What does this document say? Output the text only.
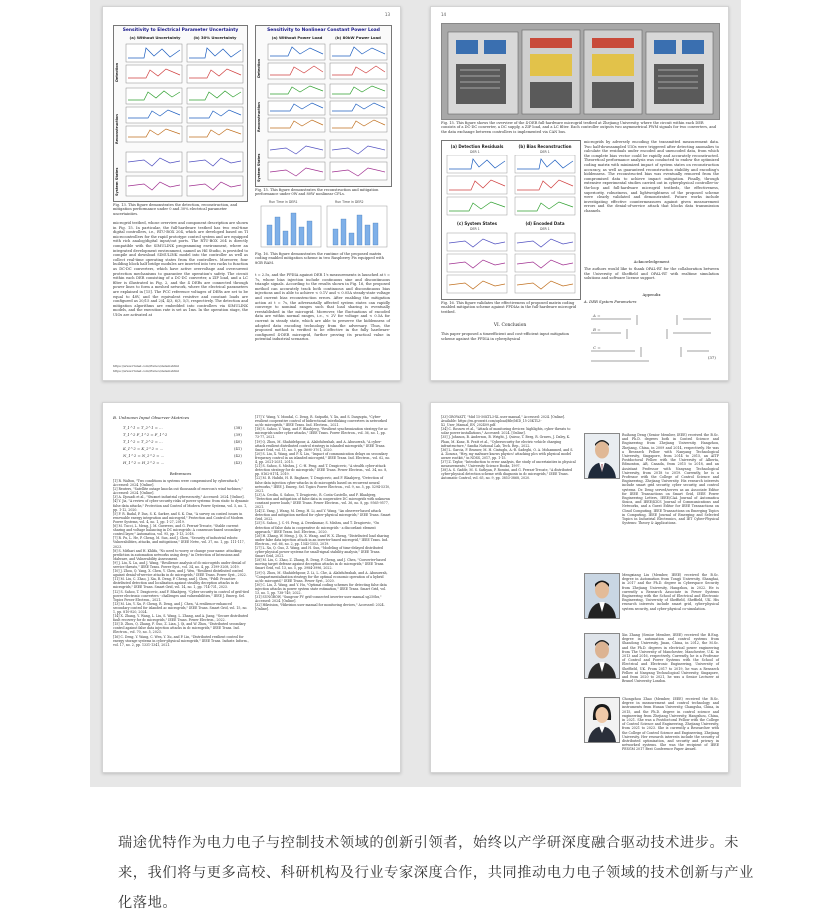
13
Sensitivity to Electrical Parameter Uncertainty
(a) Without Uncertainty	(b) 30% Uncertainty
Detection
Reconstruction
System States
Fig. 13. This figure demonstrates the detection, reconstruction, and mitigation performance under 0 and 30% electrical parameter uncertainties.
Sensitivity to Nonlinear Constant Power Load
(a) Without Power Load	(b) 80kW Power Load
Detection
Reconstruction
System States
Fig. 15. This figure demonstrates the reconstruction and mitigation performance under 0W and 80W nonlinear CPLs.
Run Time in DER1	Run Time in DER2
Fig. 16. This figure demonstrates the runtime of the proposed matrix coding enabled mitigation scheme in two Raspberry Pis equipped with 8GB RAM.
microgrid testbed, whose overview and component description are shown in Fig. 15. In particular, the full-hardware testbed has two real-time digital controllers, i.e., RTU-BOX 204, which are developed based on TI microcontrollers for the rapid prototype control system and are equipped with rich analog/digital input/out ports. The RTU-BOX 204 is directly compatible with the SIMULINK programming environment, where an integrated development environment, named as Hil Studio, is provided to compile and download SIMULINK model into the controller as well as collect real-time operating states from the controllers. Moreover, four building block half bridge modules are inserted into two racks to function as DC-DC converters, which have active overvoltage and overcurrent protection mechanisms to guarantee the operation's safety. The circuit within each DER consisting of a DC-DC converter, a ZIP load, and a LC filter is illustrated in Fig. 2, and the 4 DERs are connected through power lines to form a meshed network, where the electrical parameters are explained in [15]. The PCC reference voltages of DERs are set to be equal to 48V, and the equivalent resistive and constant loads are configured as 20/15 and 2/4, 4/3, 6/3, 5/3, respectively. The detection and mitigation algorithms are embedded into controllers via SIMULINK models, and the execution rate is set as 1ms. In the operation stage, the UIOs are activated at
t = 2.5s, and the FPDIA against DER 1's measurements is launched at t = 7s, whose bias injection include continuous sine and discontinuous triangle signals. According to the results shown in Fig. 16, the proposed method can accurately track both continuous and discontinuous bias injections and is able to achieve < 0.1V and < 0.05A steady-state voltage and current bias reconstruction errors. After enabling the mitigation action at t = 7s, the adversarially affected system states can rapidly converge to nominal ranges such that load sharing is eventually reestablished in the microgrid. Moreover, the fluctuations of encoded data are within normal ranges, i.e., < 2V for voltage and < 0.5A for current in steady state, which are able to preserve the hiddenness of adopted data encoding technology from the adversary. Thus, the proposed method is verified to be effective in the fully hardware-configured 4-DER microgrid, further proving its practical value in potential industrial scenarios.
https://www.rtunet.com/rtubox/detail.shtml
https://www.rtunet.com/rtubox/detail.shtml
14
Fig. 15. This figure shows the overview of the 4-DER full-hardware microgrid testbed at Zhejiang University, where the circuit within each DER consists of a DC-DC converter, a DC supply, a ZIP load, and a LC filter. Each controller outputs two asymmetrical PWM signals for two converters, and the data exchange between controllers is implemented via CAN bus.
(a) Detection Residuals	(b) Bias Reconstruction
DER 1	DER 1
(c) System States	(d) Encoded Data
DER 1	DER 1
Fig. 16. This figure validates the effectiveness of proposed matrix coding enabled mitigation scheme against FPDIAs in the full-hardware microgrid testbed.
VI. Conclusion
This paper proposed a timeefficient and cost-efficient input mitigation scheme against the FPDIA in cyberphysical
microgrids by adversely encoding the transmitted measurement data. Two half-downsampled UIOs were triggered after detecting anomalies to calculate the residuals under encoded and unencoded data, from which the complete bias vector could be rapidly and accurately reconstructed. Theoretical performance analysis was conducted to endow the optimized coding matrix with minimized impact of system states on reconstruction accuracy, as well as guaranteed reconstruction stability and encoding's hiddenness. The reconstructed bias was eventually removed from the compromised data to achieve impact mitigation. Finally, through extensive experimental studies carried out in cyberphysical controller-in-the-loop and full-hardware microgrid testbeds, the effectiveness, superiority, robustness, and lightweightness of the proposed scheme were clearly validated and demonstrated. Future works include investigating effective countermeasures against given measurement errors and the denial-of-service attack that blocks data transmission channels.
Acknowledgement
The authors would like to thank OPAL-RT for the collaboration between the University of Sheffield and OPAL-RT with realtime simulation solutions and software license support.
Appendix
A. DER System Parameters
A =
B =
C =
(37)
B. Unknown Input Observer Matrices
T_1^1 = T_2^1 = ...
T_1^2 F_1^2 = F_1^2
T_1^2 = T_2^2 = ...
K_1^2 = K_2^2 = ...
N_1^2 = N_2^2 = ...
H_1^2 = H_2^2 = ...
(38)
(39)
(40)
(41)
(42)
(43)
References
[1] R. Walton, "Two conditions in systems were compromised by cyberattack," Accessed: 2024. [Online].
[2] Reuters, "Satellite outage knocks out thousands of enercon's wind turbines," Accessed: 2024. [Online].
[3] A. Djouadi et al., "Stuxnet industrial cybersecurity," Accessed: 2024. [Online].
[4] Y. Jia, "A review of cyber security risks of power systems: from static to dynamic false data attacks," Protection and Control of Modern Power Systems, vol. 5, no. 1, pp. 1-12, 2020.
[5] F. R. Badal, P. Das, S. K. Sarker, and S. K. Das, "A survey on control issues in renewable energy integration and microgrid," Protection and Control of Modern Power Systems, vol. 4, no. 1, pp. 1-27, 2019.
[6] M. Tucci, L. Meng, J. M. Guerrero, and G. Ferrari-Trecate, "Stable current sharing and voltage balancing in DC microgrids: A consensus-based secondary control layer," Automatica, vol. 95, pp. 1-13, 2018.
[7] R. Pu, L. He, P. Cheng, M. Sun, and J. Chen, "Security of industrial robots: Vulnerabilities, attacks, and mitigations," IEEE Netw., vol. 37, no. 1, pp. 111-117, 2023.
[8] S. Mithari and H. Khlifa, "No need to worry or change your name: attacking prediction in automation networks using deep," in Detection of Intrusions and Malware, and Vulnerability Assessment.
[9] J. Liu, X. Lu, and J. Wang, "Resilience analysis of dc microgrids under denial of service threats," IEEE Trans. Power Syst., vol. 34, no. 4, pp. 3199-3208, 2019.
[10] J. Zhou, Q. Yang, X. Chen, Y. Chen, and J. Wen, "Resilient distributed control against denial-of-service attacks in dc microgrids," IEEE Trans. Power Syst., 2022.
[11] M. Liu, C. Zhao, J. Xia, R. Deng, P. Cheng, and J. Chen, "Pddl: Proactive distributed detection and localization against stealthy deception attacks in dc microgrids," IEEE Trans. Smart Grid, vol. 14, no. 1, pp. 714-731, 2023.
[12] S. Sahoo, T. Dragicevic, and F. Blaabjerg, "Cyber security in control of grid-tied power electronic converters - challenges and vulnerabilities," IEEE J. Emerg. Sel. Topics Power Electron., 2021.
[13] M. Liu, Y. Xu, P. Cheng, R. Deng, and J. Chen, "A resilience-enhanced secondary control for islanded ac microgrids," IEEE Trans. Smart Grid, vol. 15, no. 1, pp. 810-820, 2024.
[14] X. Zhang, Y. Wang, L. Liu, S. Wang, L. Zhang, and A. Jiang, "Secure distributed fault recovery for dc microgrids," IEEE Trans. Power Electron., 2022.
[15] D. Zhou, Q. Zhang, F. Guo, Z. Lian, J. Qi, and W. Zhou, "Distributed secondary control against false data injection attacks in dc microgrids," IEEE Trans. Ind. Electron., vol. 70, no. 5, 2023.
[16] C. Deng, Y. Wang, C. Wen, Y. Xu, and P. Lin, "Distributed resilient control for energy storage systems in cyber-physical microgrids," IEEE Trans. Industr. Inform., vol. 17, no. 2, pp. 1331-1341, 2021.
[17] Y. Wang, Y. Mondal, C. Deng, R. Satpathi, Y. Xu, and S. Dasgupta, "Cyber-resilient cooperative control of bidirectional interlinking converters in networked ac/dc microgrids," IEEE Trans. Ind. Electron., 2021.
[18] S. Sahoo, Y. Yang, and F. Blaabjerg, "Resilient synchronization strategy for ac microgrids under cyber attacks," IEEE Trans. Power Electron., vol. 36, no. 1, pp. 73-77, 2021.
[19] Q. Zhou, M. Shahidehpour, A. Alabdulwahab, and A. Abusorrah, "A cyber-attack resilient distributed control strategy in islanded microgrids," IEEE Trans. Smart Grid, vol. 11, no. 5, pp. 3690-3701, 2020.
[20] S. Liu, X. Wang, and P. X. Liu, "Impact of communication delays on secondary frequency control in an islanded microgrid," IEEE Trans. Ind. Electron., vol. 62, no. 4, pp. 2021-2031, 2015.
[21] S. Sahoo, S. Mishra, J. C.-H. Peng, and T. Dragicevic, "A stealth cyber-attack detection strategy for dc microgrids," IEEE Trans. Power Electron., vol. 34, no. 8, pp. 8162-8174, 2019.
[22] M. R. Habibi, H. R. Baghaee, T. Dragicevic, and F. Blaabjerg, "Detection of false data injection cyber-attacks in dc microgrids based on recurrent neural networks," IEEE J. Emerg. Sel. Topics Power Electron., vol. 9, no. 5, pp. 5294-5310, 2021.
[23] A. Cecilia, S. Sahoo, T. Dragicevic, R. Costa-Castello, and F. Blaabjerg, "Detection and mitigation of false data in cooperative DC microgrids with unknown constant power loads," IEEE Trans. Power Electron., vol. 36, no. 8, pp. 9565-9577, 2021.
[24] Z. Yang, J. Wang, M. Deng, H. Li, and Y. Wang, "An observer-based attack detection and mitigation method for cyber-physical microgrids," IEEE Trans. Smart Grid, 2022.
[25] S. Sahoo, J. C.-H. Peng, A. Devakumar, S. Mishra, and T. Dragicevic, "On detection of false data in cooperative dc microgrids - a discordant element approach," IEEE Trans. Ind. Electron., 2020.
[26] H. Zhang, W. Meng, J. Qi, X. Wang, and W. X. Zheng, "Distributed load sharing under false data injection attack in an inverter-based microgrid," IEEE Trans. Ind. Electron., vol. 66, no. 2, pp. 1543-1553, 2019.
[27] L. Xu, Q. Guo, Z. Wang, and H. Sun, "Modeling of time-delayed distributed cyber-physical power systems for small-signal stability analysis," IEEE Trans. Smart Grid, 2021.
[28] M. Liu, C. Zhao, Z. Zhang, R. Deng, P. Cheng, and J. Chen, "Converter-based moving target defense against deception attacks in dc microgrids," IEEE Trans. Smart Grid, vol. 13, no. 5, pp. 3984-3996, 2022.
[29] Q. Zhou, M. Shahidehpour, Z. Li, L. Che, A. Alabdulwahab, and A. Abusorrah, "Compartmentalization strategy for the optimal economic operation of a hybrid ac/dc microgrid," IEEE Trans. Power Syst., 2020.
[30] C. Liu, Z. Wang, and Y. Hu, "Optimal coding schemes for detecting false data injection attacks in power system state estimation," IEEE Trans. Smart Grid, vol. 13, no. 1, pp. 738-749, 2022.
[31] SUNGROW, "Sungrow PV grid-connected inverter user manual sg250hx," Accessed: 2024. [Online].
[32] Hikvision, "Hikvision user manual for monitoring devices," Accessed: 2024. [Online].
[33] GROWATT, "Mid 15-50KTL3-XL user manual," Accessed: 2024. [Online]. Available: https://en.growatt.com/upload/file/MID_15-25KTL3-X2_User_Manual_EN_202409.pdf.
[34] C. Rossow et al., "Attack of monitoring devices: highlights, cyber threats to solar power installations," Accessed: 2024. [Online].
[35] J. Johnson, B. Anderson, B. Wright, J. Quiroz, T. Berg, R. Graves, J. Daley, K. Phan, M. Kunz, R. Pratt et al., "Cybersecurity for electric vehicle charging infrastructure," Sandia National Lab, Tech. Rep., 2022.
[36] L. Garcia, F. Brasser, M. H. Cintuglu, A.-R. Sadeghi, O. A. Mohammed, and S. A. Zonouz, "Hey, my malware knows physics! attacking plcs with physical model aware rootkit," in NDSS, 2017, pp. 1-15.
[37] Z. Taylor, "Introduction to error analysis, the study of uncertainties in physical measurements," University Science Books, 1997.
[38] A. S. Gadde, M. S. Sathyan, P. Rossini, and G. Ferrari-Trecate, "A distributed cyber-physical detection scheme with diagnosis in dc microgrids," IEEE Trans. Automatic Control, vol. 65, no. 9, pp. 3853-3868, 2020.
Ruihong Deng (Senior Member, IEEE) received the B.Sc. and Ph.D. degrees both in Control Science and Engineering from Zhejiang University, Hangzhou, Zhejiang, China, in 2009 and 2014, respectively. He was a Research Fellow with Nanyang Technological University, Singapore, from 2014 to 2015, an AITF Postdoctoral Fellow with the University of Alberta, Edmonton, AB, Canada, from 2015 to 2018, and an Assistant Professor with Nanyang Technological University, from 2018 to 2019. Currently, he is a Professor with the College of Control Science and Engineering, Zhejiang University. His research interests include smart grid security, cyber security, and control systems. Dr. Deng served/serves as an Associate Editor for IEEE Transactions on Smart Grid, IEEE Power Engineering Letters, IEEE/CAA Journal of Automatica Sinica, and IEEE/KICS Journal of Communications and Networks, and a Guest Editor for IEEE Transactions on Cloud Computing, IEEE Transactions on Emerging Topics in Computing, IEEE Journal of Emerging and Selected Topics in Industrial Electronics, and IET Cyber-Physical Systems: Theory & Applications.
Mengxiang Liu (Member, IEEE) received the B.Sc. degree in Automation from Tongji University, Shanghai, in 2017 and the Ph.D. degree in Cyberspace Security from Zhejiang University, Hangzhou, in 2022. He is currently a Research Associate in Power Systems Engineering with the School of Electrical and Electronic Engineering, University of Sheffield, Sheffield, UK. His research interests include smart grid, cyber-physical system security, and cyber-physical co-simulation.
Xin Zhang (Senior Member, IEEE) received the B.Eng. degree in automation and control systems from Shandong University, Jinan, China, in 2012, the M.Sc. and the Ph.D. degrees in electrical power engineering from The University of Manchester, Manchester, U.K. in 2013 and 2016, respectively. Currently, he is a Professor of Control and Power Systems with the School of Electrical and Electronic Engineering, University of Sheffield, UK. From 2017 to 2019, he was a Research Fellow at Nanyang Technological University, Singapore, and from 2020 to 2021, he was a Senior Lecturer at Brunel University London.
Chongzhou Zhao (Member, IEEE) received the B.Sc. degree in measurement and control technology and instruments from Hunan University, Changsha, China, in 2015, and the Ph.D. degree in control science and engineering from Zhejiang University, Hangzhou, China, in 2021. She was a Postdoctoral Fellow with the College of Control Science and Engineering, Zhejiang University, from 2021 to 2023. She is currently a Researcher with the College of Control Science and Engineering, Zhejiang University. Her research interests include the security of distributed optimization, and security and privacy in networked systems. She was the recipient of IEEE PESGM 2017 Best Conference Paper Award.
瑞途优特作为电力电子与控制技术领域的创新引领者，始终以产学研深度融合驱动技术进步。未来，我们将与更多高校、科研机构及行业专家深度合作，共同推动电力电子领域的技术创新与产业化落地。
